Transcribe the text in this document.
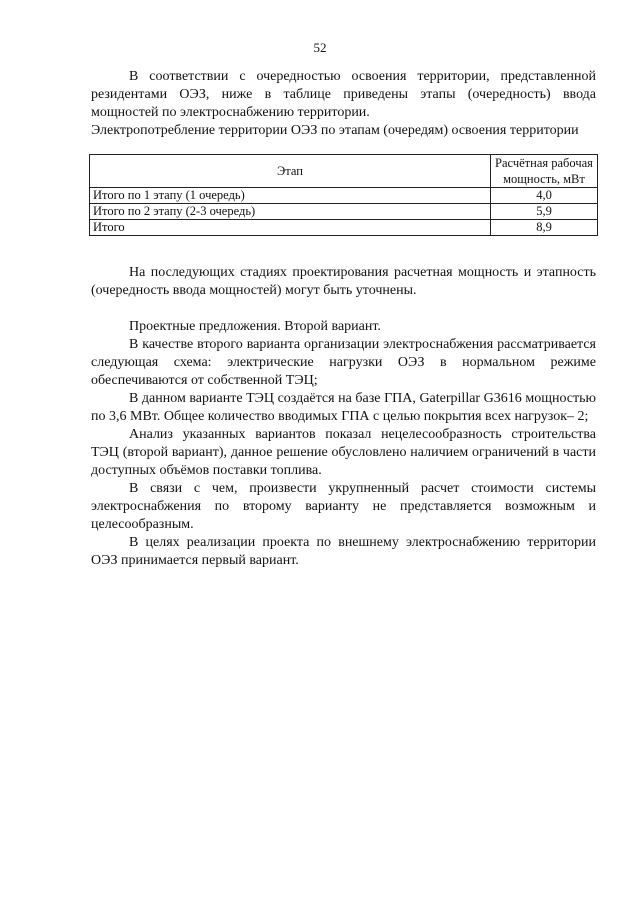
52

В соответствии с очередностью освоения территории, представленной резидентами ОЭЗ, ниже в таблице приведены этапы (очередность) ввода мощностей по электроснабжению территории.

Электропотребление территории ОЭЗ по этапам (очередям) освоения территории

Этап	Расчётная рабочая мощность, мВт
Итого по 1 этапу (1 очередь)	4,0
Итого по 2 этапу (2-3 очередь)	5,9
Итого	8,9

На последующих стадиях проектирования расчетная мощность и этапность (очередность ввода мощностей) могут быть уточнены.

Проектные предложения. Второй вариант.

В качестве второго варианта организации электроснабжения рассматривается следующая схема: электрические нагрузки ОЭЗ в нормальном режиме обеспечиваются от собственной ТЭЦ;

В данном варианте ТЭЦ создаётся на базе ГПА, Gaterpillar G3616 мощностью по 3,6 МВт. Общее количество вводимых ГПА с целью покрытия всех нагрузок– 2;

Анализ указанных вариантов показал нецелесообразность строительства ТЭЦ (второй вариант), данное решение обусловлено наличием ограничений в части доступных объёмов поставки топлива.

В связи с чем, произвести укрупненный расчет стоимости системы электроснабжения по второму варианту не представляется возможным и целесообразным.

В целях реализации проекта по внешнему электроснабжению территории ОЭЗ принимается первый вариант.
